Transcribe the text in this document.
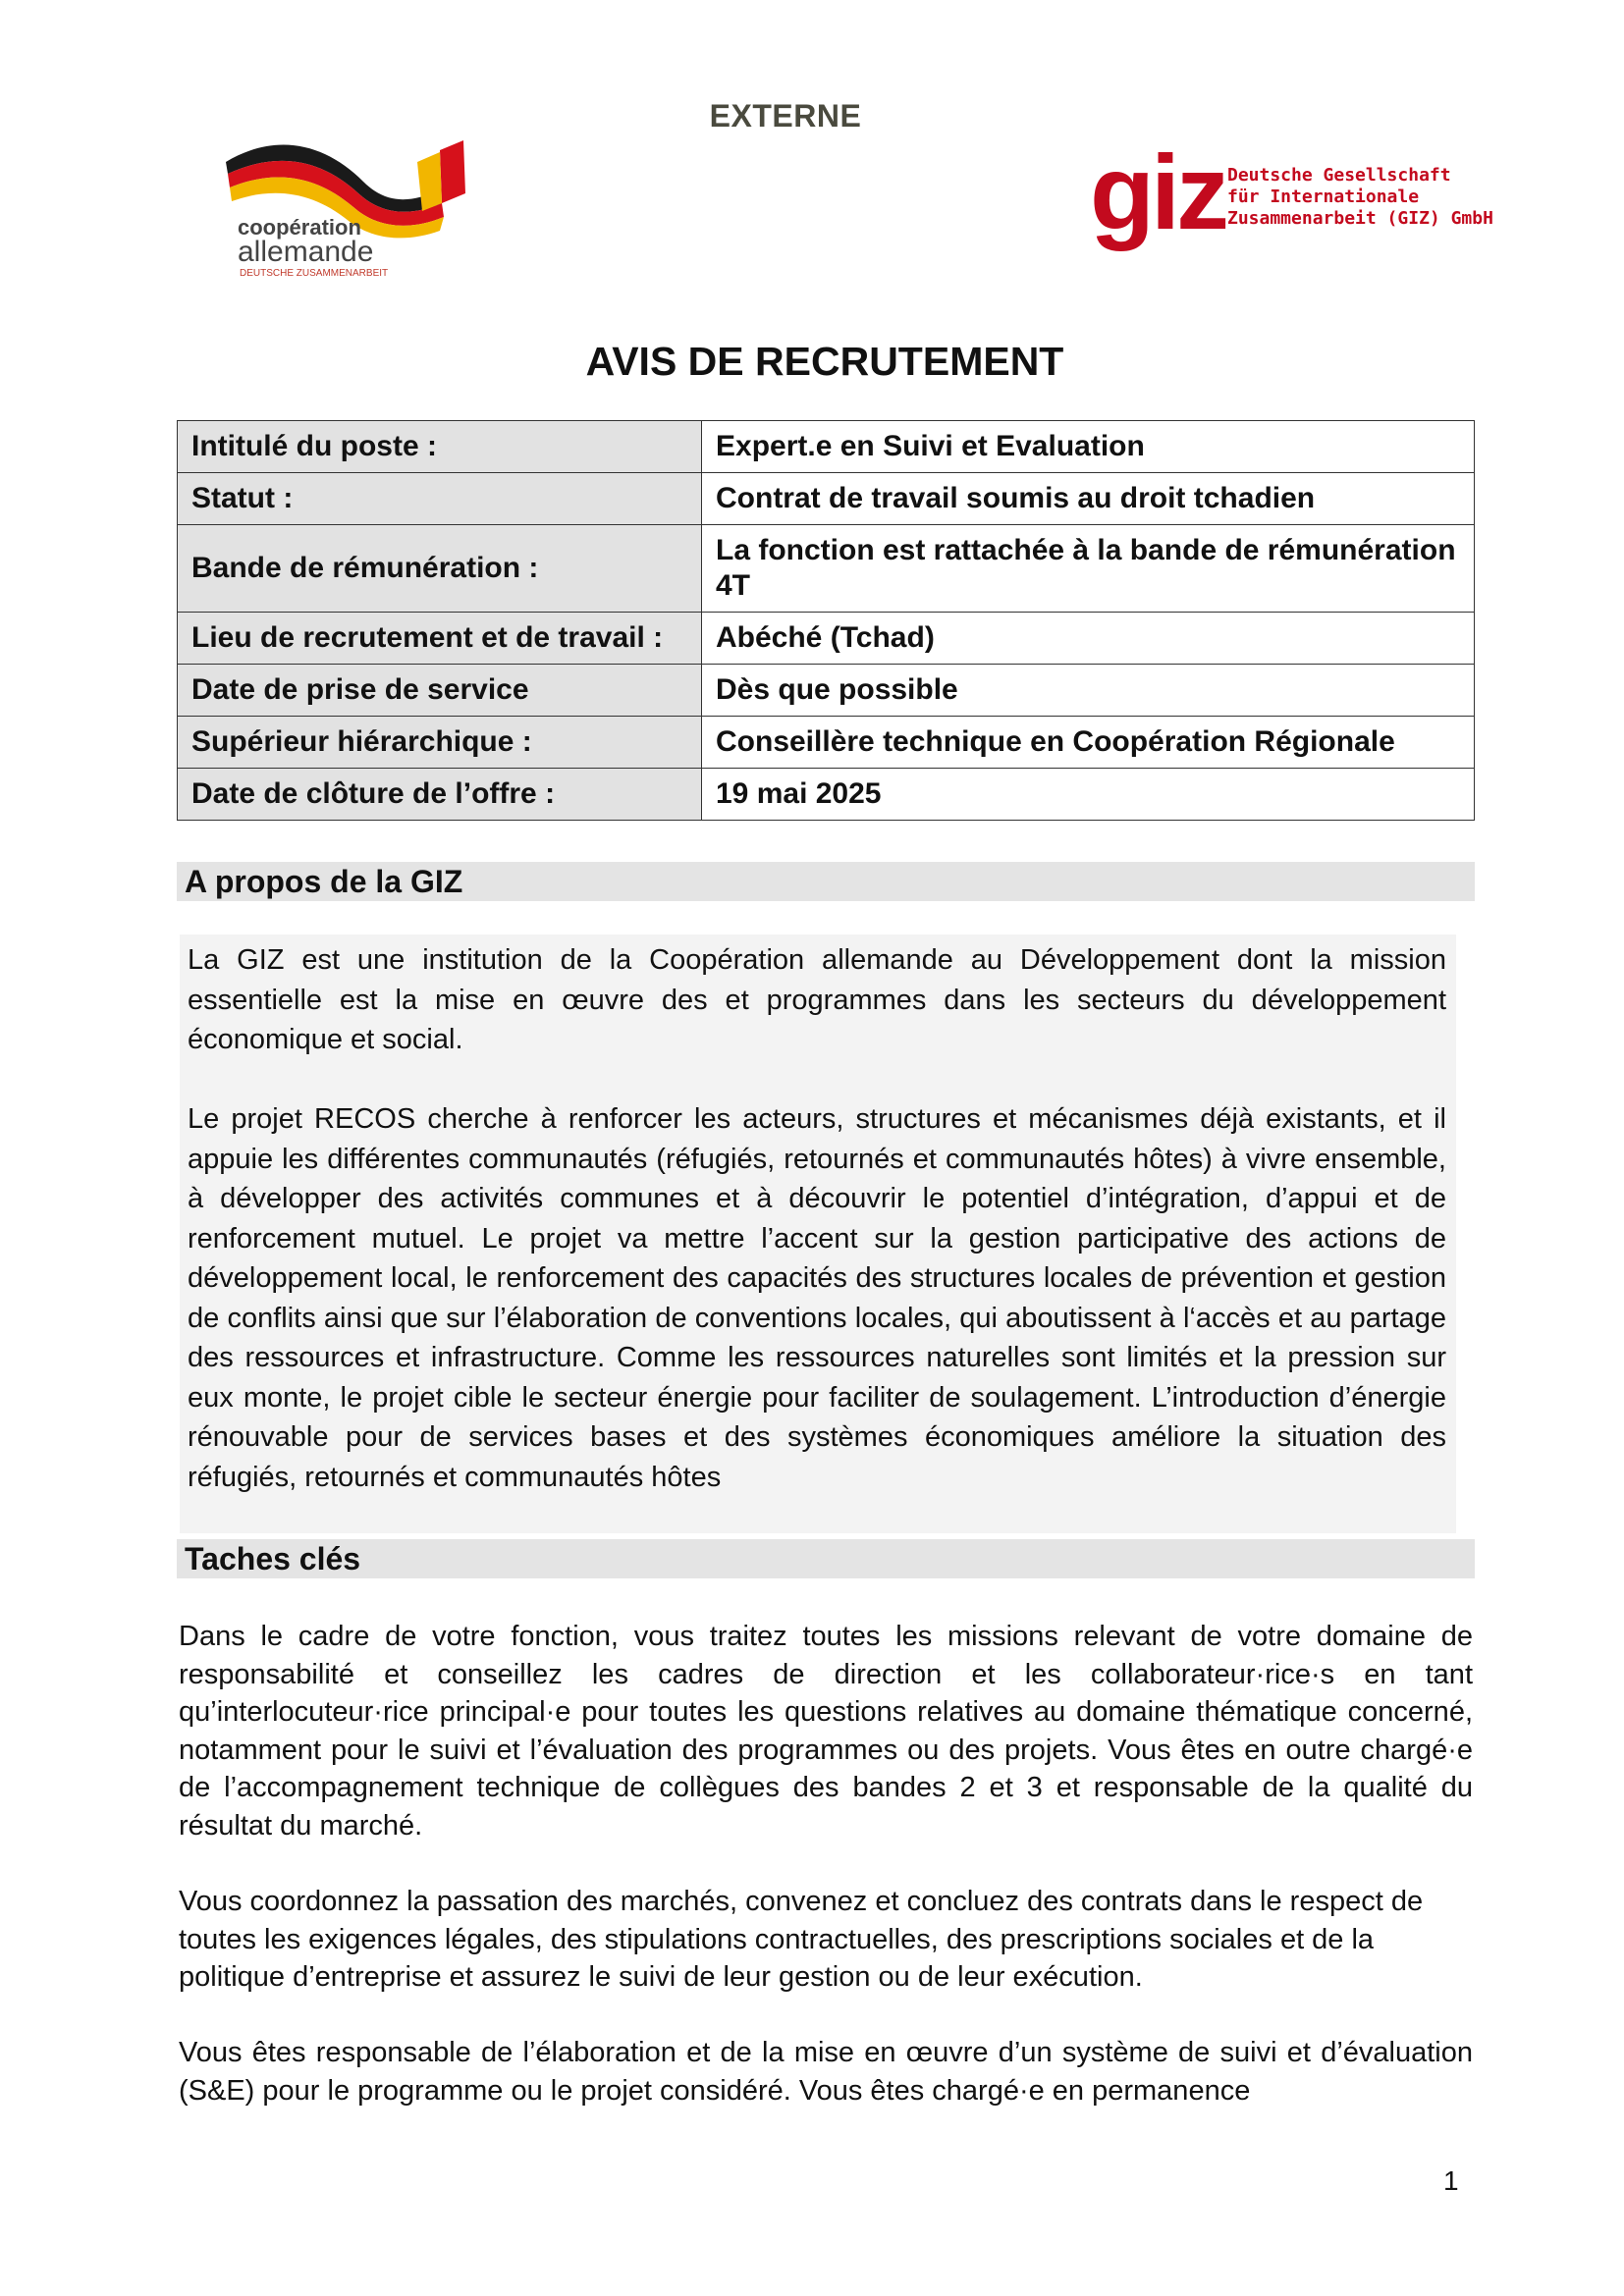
EXTERNE
coopération
allemande
DEUTSCHE ZUSAMMENARBEIT
giz Deutsche Gesellschaft
für Internationale
Zusammenarbeit (GIZ) GmbH
AVIS DE RECRUTEMENT
Intitulé du poste :	Expert.e en Suivi et Evaluation
Statut :	Contrat de travail soumis au droit tchadien
Bande de rémunération :	La fonction est rattachée à la bande de rémunération 4T
Lieu de recrutement et de travail :	Abéché (Tchad)
Date de prise de service	Dès que possible
Supérieur hiérarchique :	Conseillère technique en Coopération Régionale
Date de clôture de l’offre :	19 mai 2025
A propos de la GIZ
La GIZ est une institution de la Coopération allemande au Développement dont la mission essentielle est la mise en œuvre des et programmes dans les secteurs du développement économique et social.
Le projet RECOS cherche à renforcer les acteurs, structures et mécanismes déjà existants, et il appuie les différentes communautés (réfugiés, retournés et communautés hôtes) à vivre ensemble, à développer des activités communes et à découvrir le potentiel d’intégration, d’appui et de renforcement mutuel. Le projet va mettre l’accent sur la gestion participative des actions de développement local, le renforcement des capacités des structures locales de prévention et gestion de conflits ainsi que sur l’élaboration de conventions locales, qui aboutissent à l‘accès et au partage des ressources et infrastructure. Comme les ressources naturelles sont limités et la pression sur eux monte, le projet cible le secteur énergie pour faciliter de soulagement. L’introduction d’énergie rénouvable pour de services bases et des systèmes économiques améliore la situation des réfugiés, retournés et communautés hôtes
Taches clés
Dans le cadre de votre fonction, vous traitez toutes les missions relevant de votre domaine de responsabilité et conseillez les cadres de direction et les collaborateur·rice·s en tant qu’interlocuteur·rice principal·e pour toutes les questions relatives au domaine thématique concerné, notamment pour le suivi et l’évaluation des programmes ou des projets. Vous êtes en outre chargé·e de l’accompagnement technique de collègues des bandes 2 et 3 et responsable de la qualité du résultat du marché.
Vous coordonnez la passation des marchés, convenez et concluez des contrats dans le respect de toutes les exigences légales, des stipulations contractuelles, des prescriptions sociales et de la politique d’entreprise et assurez le suivi de leur gestion ou de leur exécution.
Vous êtes responsable de l’élaboration et de la mise en œuvre d’un système de suivi et d’évaluation (S&E) pour le programme ou le projet considéré. Vous êtes chargé·e en permanence
1
